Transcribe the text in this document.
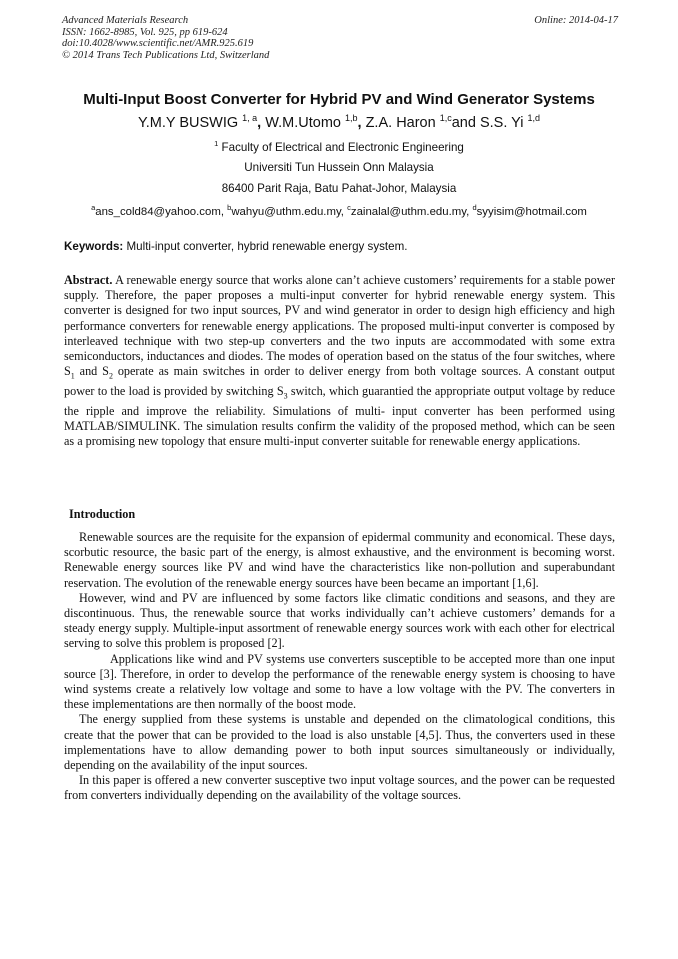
Advanced Materials Research
ISSN: 1662-8985, Vol. 925, pp 619-624
doi:10.4028/www.scientific.net/AMR.925.619
© 2014 Trans Tech Publications Ltd, Switzerland
Online: 2014-04-17
Multi-Input Boost Converter for Hybrid PV and Wind Generator Systems
Y.M.Y BUSWIG $^{1, a}$, W.M.Utomo $^{1,b}$, Z.A. Haron $^{1,c}$and S.S. Yi $^{1,d}$
$^1$ Faculty of Electrical and Electronic Engineering
Universiti Tun Hussein Onn Malaysia
86400 Parit Raja, Batu Pahat-Johor, Malaysia
$^a$ans_cold84@yahoo.com, $^b$wahyu@uthm.edu.my, $^c$zainalal@uthm.edu.my, $^d$syyisim@hotmail.com
Keywords: Multi-input converter, hybrid renewable energy system.
Abstract. A renewable energy source that works alone can’t achieve customers’ requirements for a stable power supply. Therefore, the paper proposes a multi-input converter for hybrid renewable energy system. This converter is designed for two input sources, PV and wind generator in order to design high efficiency and high performance converters for renewable energy applications. The proposed multi-input converter is composed by interleaved technique with two step-up converters and the two inputs are accommodated with some extra semiconductors, inductances and diodes. The modes of operation based on the status of the four switches, where $S_1$ and $S_2$ operate as main switches in order to deliver energy from both voltage sources. A constant output power to the load is provided by switching $S_3$ switch, which guarantied the appropriate output voltage by reduce the ripple and improve the reliability. Simulations of multi- input converter has been performed using MATLAB/SIMULINK. The simulation results confirm the validity of the proposed method, which can be seen as a promising new topology that ensure multi-input converter suitable for renewable energy applications.
Introduction

Renewable sources are the requisite for the expansion of epidermal community and economical. These days, scorbutic resource, the basic part of the energy, is almost exhaustive, and the environment is becoming worst. Renewable energy sources like PV and wind have the characteristics like non-pollution and superabundant reservation. The evolution of the renewable energy sources have been became an important [1,6].

However, wind and PV are influenced by some factors like climatic conditions and seasons, and they are discontinuous. Thus, the renewable source that works individually can’t achieve customers’ demands for a steady energy supply. Multiple-input assortment of renewable energy sources work with each other for electrical serving to solve this problem is proposed [2].

Applications like wind and PV systems use converters susceptible to be accepted more than one input source [3]. Therefore, in order to develop the performance of the renewable energy system is choosing to have wind systems create a relatively low voltage and some to have a low voltage with the PV. The converters in these implementations are then normally of the boost mode.

The energy supplied from these systems is unstable and depended on the climatological conditions, this create that the power that can be provided to the load is also unstable [4,5]. Thus, the converters used in these implementations have to allow demanding power to both input sources simultaneously or individually, depending on the availability of the input sources.

In this paper is offered a new converter susceptive two input voltage sources, and the power can be requested from converters individually depending on the availability of the voltage sources.
